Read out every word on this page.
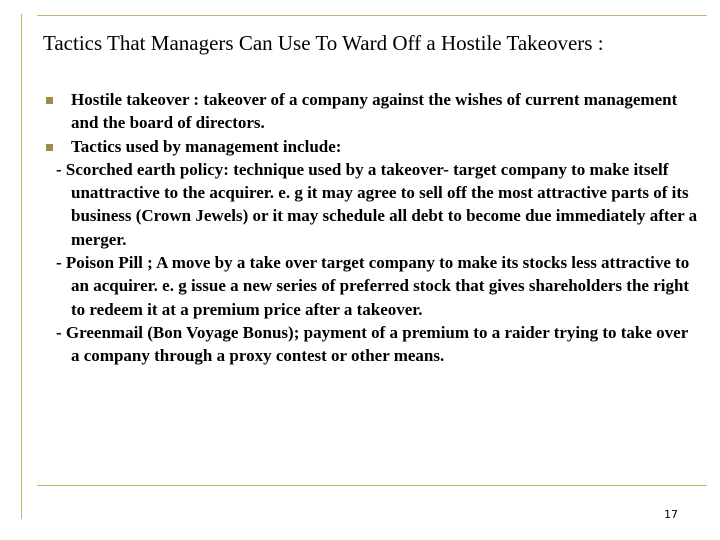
Tactics That Managers Can Use To Ward Off a Hostile Takeovers :
Hostile takeover : takeover of a company against the wishes of current management and the board of directors.
Tactics used by management include:
- Scorched earth policy: technique used by a takeover- target company to make itself unattractive to the acquirer. e. g it may agree to sell off the most attractive parts of its business (Crown Jewels) or it may schedule all debt to become due immediately after a merger.
- Poison Pill ; A move by a take over target company to make its stocks less attractive to an acquirer. e. g issue a new series of preferred stock that gives shareholders the right to redeem it at a premium price after a takeover.
- Greenmail (Bon Voyage Bonus); payment of a premium to a raider trying to take over a company through a proxy contest or other means.
17
